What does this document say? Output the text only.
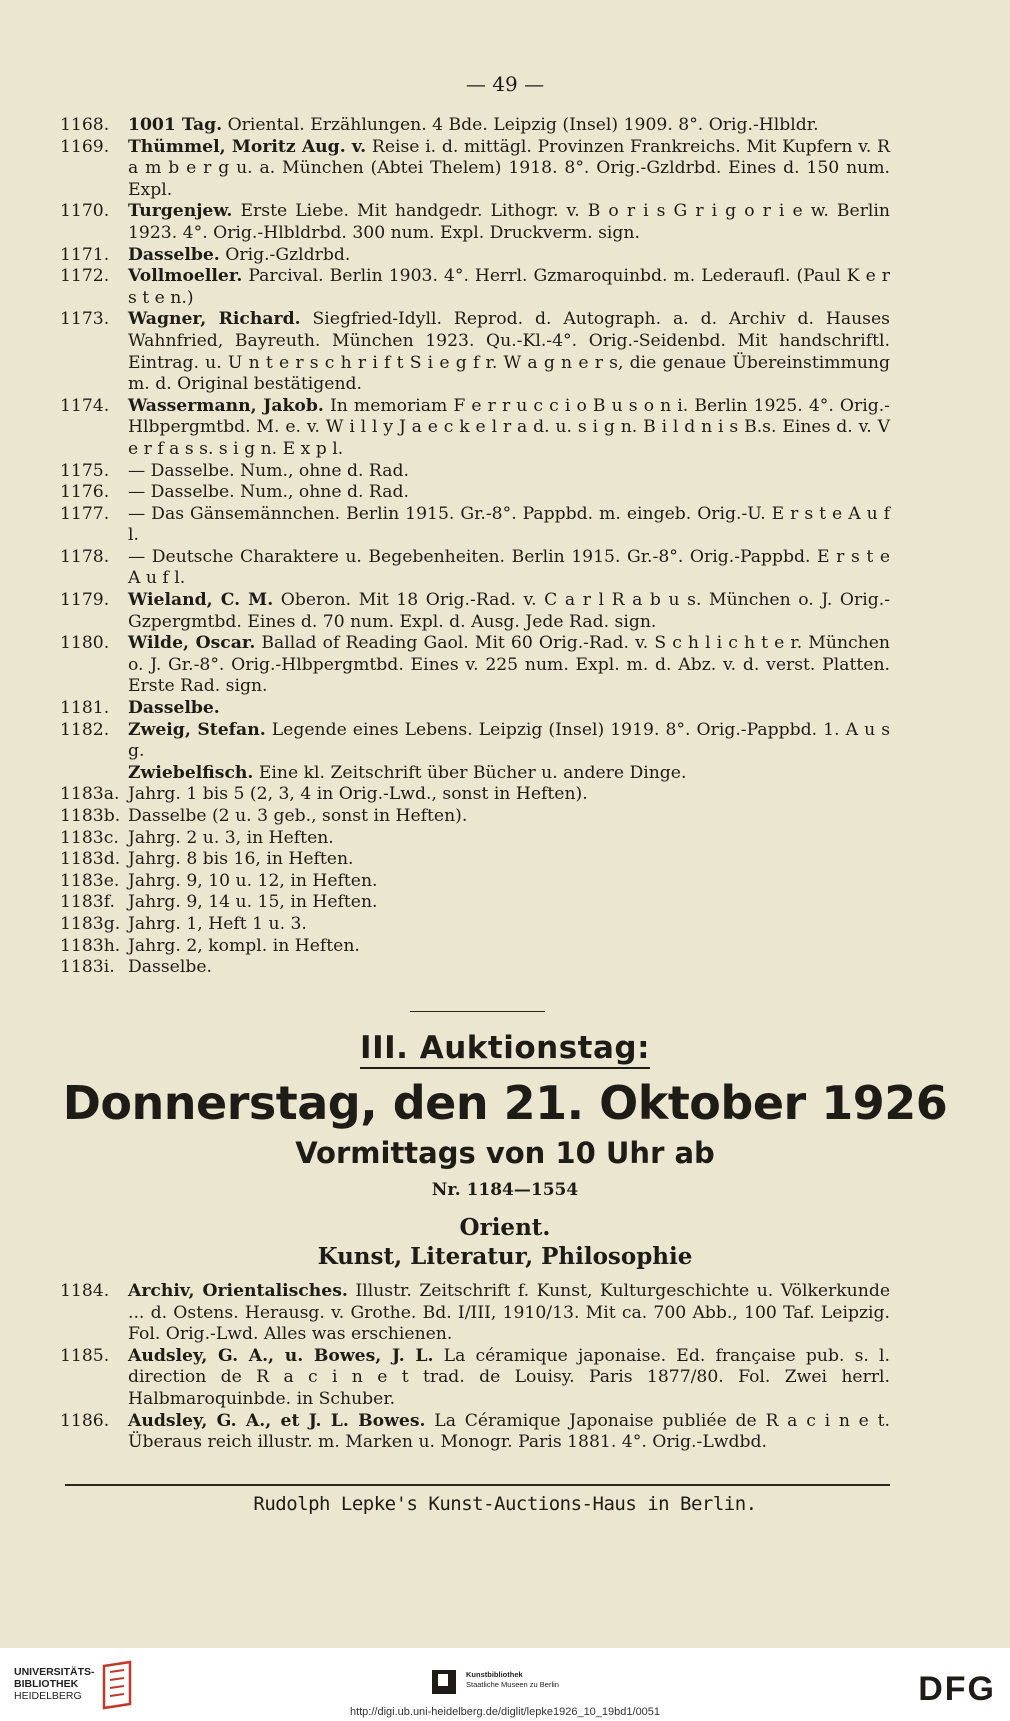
— 49 —
1168.	1001 Tag. Oriental. Erzählungen. 4 Bde. Leipzig (Insel) 1909. 8°. Orig.-Hlbldr.
1169.	Thümmel, Moritz Aug. v. Reise i. d. mittägl. Provinzen Frankreichs. Mit Kupfern v. R a m b e r g u. a. München (Abtei Thelem) 1918. 8°. Orig.-Gzldrbd. Eines d. 150 num. Expl.
1170.	Turgenjew. Erste Liebe. Mit handgedr. Lithogr. v. B o r i s G r i g o r i e w. Berlin 1923. 4°. Orig.-Hlbldrbd. 300 num. Expl. Druckverm. sign.
1171.	Dasselbe. Orig.-Gzldrbd.
1172.	Vollmoeller. Parcival. Berlin 1903. 4°. Herrl. Gzmaroquinbd. m. Lederaufl. (Paul K e r s t e n.)
1173.	Wagner, Richard. Siegfried-Idyll. Reprod. d. Autograph. a. d. Archiv d. Hauses Wahnfried, Bayreuth. München 1923. Qu.-Kl.-4°. Orig.-Seidenbd. Mit handschriftl. Eintrag. u. U n t e r s c h r i f t S i e g f r. W a g n e r s, die genaue Übereinstimmung m. d. Original bestätigend.
1174.	Wassermann, Jakob. In memoriam F e r r u c c i o B u s o n i. Berlin 1925. 4°. Orig.-Hlbpergmtbd. M. e. v. W i l l y J a e c k e l r a d. u. s i g n. B i l d n i s B.s. Eines d. v. V e r f a s s. s i g n. E x p l.
1175.	— Dasselbe. Num., ohne d. Rad.
1176.	— Dasselbe. Num., ohne d. Rad.
1177.	— Das Gänsemännchen. Berlin 1915. Gr.-8°. Pappbd. m. eingeb. Orig.-U. E r s t e A u f l.
1178.	— Deutsche Charaktere u. Begebenheiten. Berlin 1915. Gr.-8°. Orig.-Pappbd. E r s t e A u f l.
1179.	Wieland, C. M. Oberon. Mit 18 Orig.-Rad. v. C a r l R a b u s. München o. J. Orig.-Gzpergmtbd. Eines d. 70 num. Expl. d. Ausg. Jede Rad. sign.
1180.	Wilde, Oscar. Ballad of Reading Gaol. Mit 60 Orig.-Rad. v. S c h l i c h t e r. München o. J. Gr.-8°. Orig.-Hlbpergmtbd. Eines v. 225 num. Expl. m. d. Abz. v. d. verst. Platten. Erste Rad. sign.
1181.	Dasselbe.
1182.	Zweig, Stefan. Legende eines Lebens. Leipzig (Insel) 1919. 8°. Orig.-Pappbd. 1. A u s g.
Zwiebelfisch. Eine kl. Zeitschrift über Bücher u. andere Dinge.
1183a. Jahrg. 1 bis 5 (2, 3, 4 in Orig.-Lwd., sonst in Heften).
1183b. Dasselbe (2 u. 3 geb., sonst in Heften).
1183c. Jahrg. 2 u. 3, in Heften.
1183d. Jahrg. 8 bis 16, in Heften.
1183e. Jahrg. 9, 10 u. 12, in Heften.
1183f. Jahrg. 9, 14 u. 15, in Heften.
1183g. Jahrg. 1, Heft 1 u. 3.
1183h. Jahrg. 2, kompl. in Heften.
1183i. Dasselbe.
III. Auktionstag:
Donnerstag, den 21. Oktober 1926
Vormittags von 10 Uhr ab
Nr. 1184—1554
Orient.
Kunst, Literatur, Philosophie
1184.	Archiv, Orientalisches. Illustr. Zeitschrift f. Kunst, Kulturgeschichte u. Völkerkunde ... d. Ostens. Herausg. v. Grothe. Bd. I/III, 1910/13. Mit ca. 700 Abb., 100 Taf. Leipzig. Fol. Orig.-Lwd. Alles was erschienen.
1185.	Audsley, G. A., u. Bowes, J. L. La céramique japonaise. Ed. française pub. s. l. direction de R a c i n e t trad. de Louisy. Paris 1877/80. Fol. Zwei herrl. Halbmaroquinbde. in Schuber.
1186.	Audsley, G. A., et J. L. Bowes. La Céramique Japonaise publiée de R a c i n e t. Überaus reich illustr. m. Marken u. Monogr. Paris 1881. 4°. Orig.-Lwdbd.
Rudolph Lepke's Kunst-Auctions-Haus in Berlin.
UNIVERSITÄTS-
BIBLIOTHEK
HEIDELBERG
Kunstbibliothek
Staatliche Museen zu Berlin	DFG
http://digi.ub.uni-heidelberg.de/diglit/lepke1926_10_19bd1/0051
